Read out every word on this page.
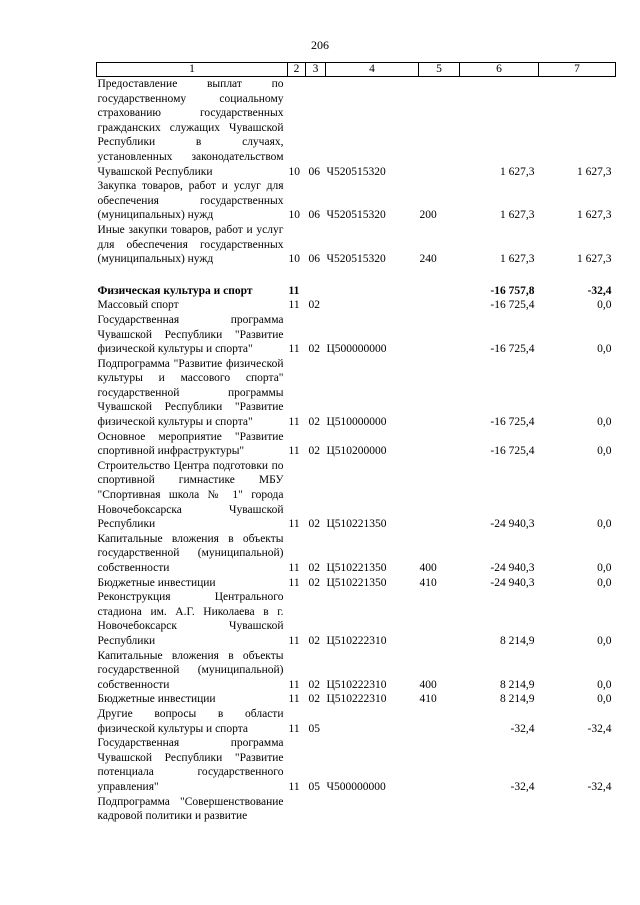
206
1	2	3	4	5	6	7
Предоставление выплат по государственному социальному страхованию государственных гражданских служащих Чувашской Республики в случаях, установленных законодательством Чувашской Республики	10	06	Ч520515320		1 627,3	1 627,3
Закупка товаров, работ и услуг для обеспечения государственных (муниципальных) нужд	10	06	Ч520515320	200	1 627,3	1 627,3
Иные закупки товаров, работ и услуг для обеспечения государственных (муниципальных) нужд	10	06	Ч520515320	240	1 627,3	1 627,3

Физическая культура и спорт	11				-16 757,8	-32,4
Массовый спорт	11	02			-16 725,4	0,0
Государственная программа Чувашской Республики "Развитие физической культуры и спорта"	11	02	Ц500000000		-16 725,4	0,0
Подпрограмма "Развитие физической культуры и массового спорта" государственной программы Чувашской Республики "Развитие физической культуры и спорта"	11	02	Ц510000000		-16 725,4	0,0
Основное мероприятие "Развитие спортивной инфраструктуры"	11	02	Ц510200000		-16 725,4	0,0
Строительство Центра подготовки по спортивной гимнастике МБУ "Спортивная школа № 1" города Новочебоксарска Чувашской Республики	11	02	Ц510221350		-24 940,3	0,0
Капитальные вложения в объекты государственной (муниципальной) собственности	11	02	Ц510221350	400	-24 940,3	0,0
Бюджетные инвестиции	11	02	Ц510221350	410	-24 940,3	0,0
Реконструкция Центрального стадиона им. А.Г. Николаева в г. Новочебоксарск Чувашской Республики	11	02	Ц510222310		8 214,9	0,0
Капитальные вложения в объекты государственной (муниципальной) собственности	11	02	Ц510222310	400	8 214,9	0,0
Бюджетные инвестиции	11	02	Ц510222310	410	8 214,9	0,0
Другие вопросы в области физической культуры и спорта	11	05			-32,4	-32,4
Государственная программа Чувашской Республики "Развитие потенциала государственного управления"	11	05	Ч500000000		-32,4	-32,4
Подпрограмма "Совершенствование кадровой политики и развитие						
